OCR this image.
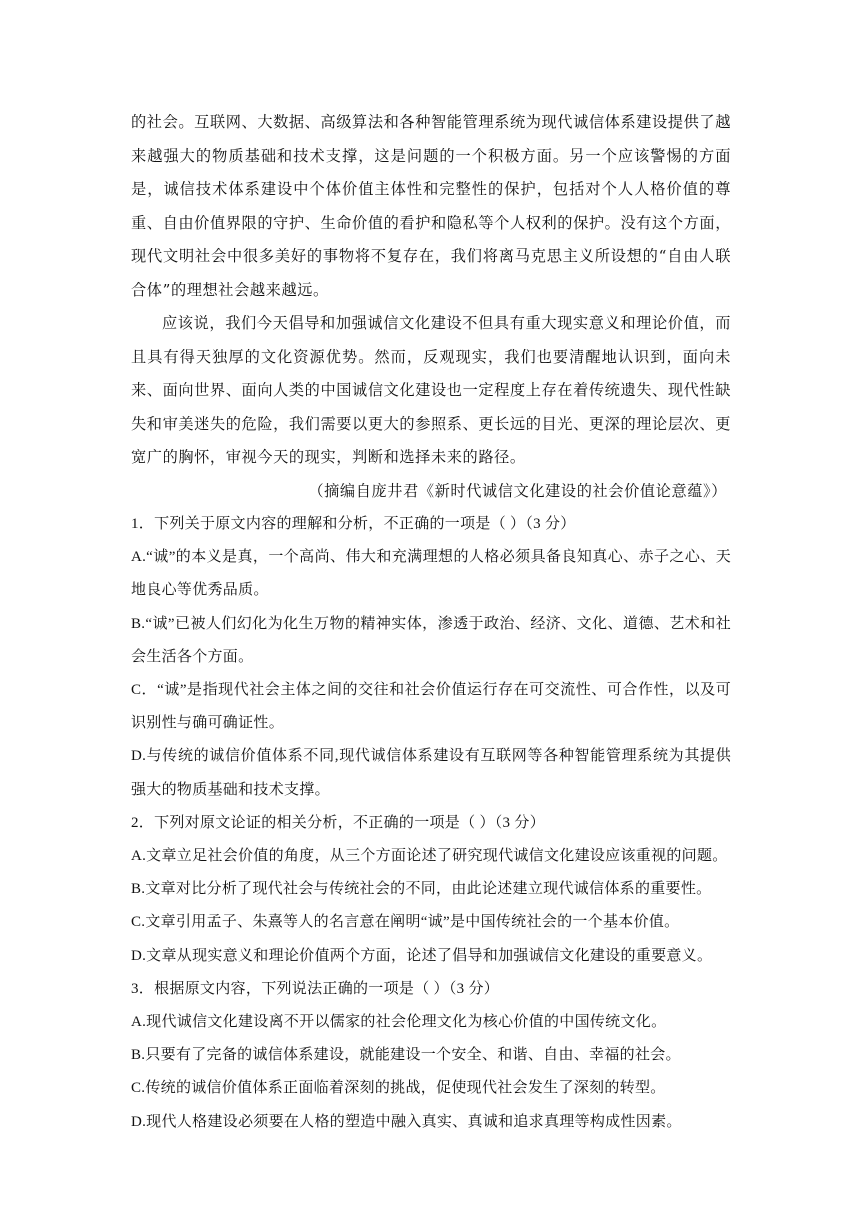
的社会。互联网、大数据、高级算法和各种智能管理系统为现代诚信体系建设提供了越来越强大的物质基础和技术支撑，这是问题的一个积极方面。另一个应该警惕的方面是，诚信技术体系建设中个体价值主体性和完整性的保护，包括对个人人格价值的尊重、自由价值界限的守护、生命价值的看护和隐私等个人权利的保护。没有这个方面，现代文明社会中很多美好的事物将不复存在，我们将离马克思主义所设想的“自由人联合体”的理想社会越来越远。

应该说，我们今天倡导和加强诚信文化建设不但具有重大现实意义和理论价值，而且具有得天独厚的文化资源优势。然而，反观现实，我们也要清醒地认识到，面向未来、面向世界、面向人类的中国诚信文化建设也一定程度上存在着传统遗失、现代性缺失和审美迷失的危险，我们需要以更大的参照系、更长远的目光、更深的理论层次、更宽广的胸怀，审视今天的现实，判断和选择未来的路径。

（摘编自庞井君《新时代诚信文化建设的社会价值论意蕴》）

1．下列关于原文内容的理解和分析，不正确的一项是（ ）（3 分）

A.“诚”的本义是真，一个高尚、伟大和充满理想的人格必须具备良知真心、赤子之心、天地良心等优秀品质。

B.“诚”已被人们幻化为化生万物的精神实体，渗透于政治、经济、文化、道德、艺术和社会生活各个方面。

C．“诚”是指现代社会主体之间的交往和社会价值运行存在可交流性、可合作性，以及可识别性与确可确证性。

D.与传统的诚信价值体系不同,现代诚信体系建设有互联网等各种智能管理系统为其提供强大的物质基础和技术支撑。

2．下列对原文论证的相关分析，不正确的一项是（ ）（3 分）

A.文章立足社会价值的角度，从三个方面论述了研究现代诚信文化建设应该重视的问题。

B.文章对比分析了现代社会与传统社会的不同，由此论述建立现代诚信体系的重要性。

C.文章引用孟子、朱熹等人的名言意在阐明“诚”是中国传统社会的一个基本价值。

D.文章从现实意义和理论价值两个方面，论述了倡导和加强诚信文化建设的重要意义。

3．根据原文内容，下列说法正确的一项是（ ）（3 分）

A.现代诚信文化建设离不开以儒家的社会伦理文化为核心价值的中国传统文化。

B.只要有了完备的诚信体系建设，就能建设一个安全、和谐、自由、幸福的社会。

C.传统的诚信价值体系正面临着深刻的挑战，促使现代社会发生了深刻的转型。

D.现代人格建设必须要在人格的塑造中融入真实、真诚和追求真理等构成性因素。
